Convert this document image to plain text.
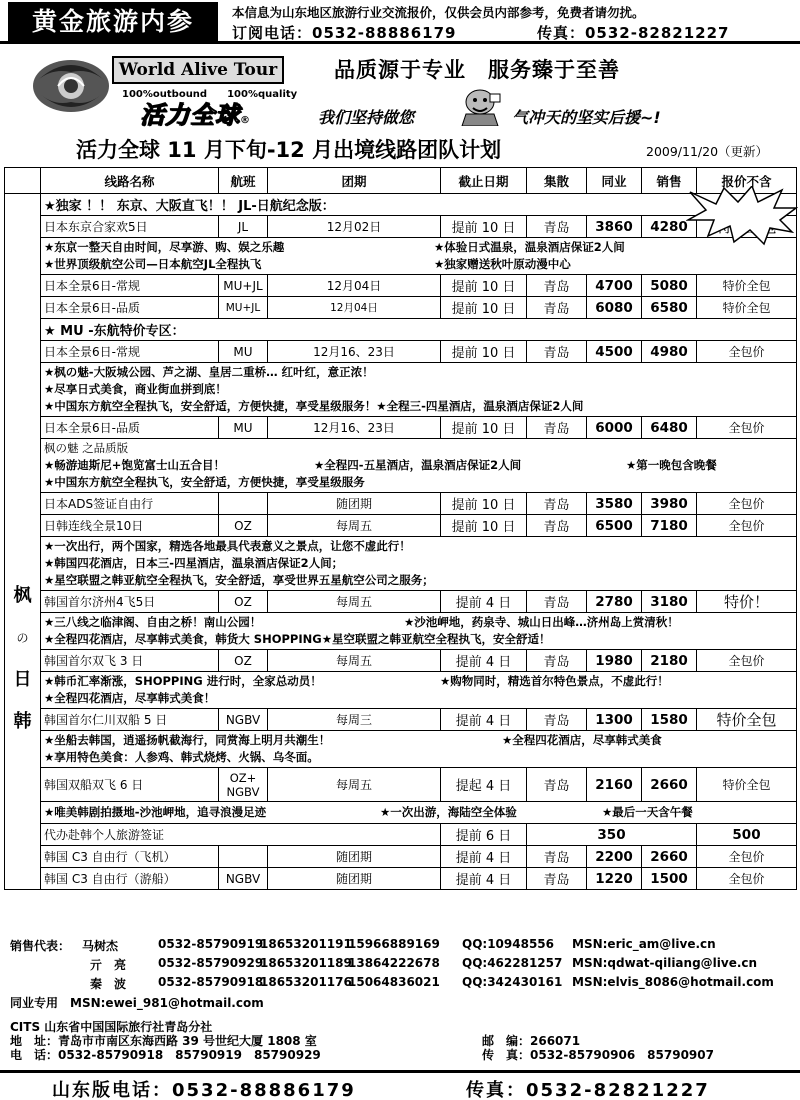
黄金旅游内参	本信息为山东地区旅游行业交流报价，仅供会员内部参考，免费者请勿扰。
订阅电话：0532-88886179	传真：0532-82821227
World Alive Tour
100%outbound　　 100%quality
活力全球®
品质源于专业　服务臻于至善
我们坚持做您	气冲天的坚实后援~!
活力全球 11 月下旬-12 月出境线路团队计划	2009/11/20（更新）
	线路名称	航班	团期	截止日期	集散	同业	销售	报价不含

枫
の
日
韩	★独家 ！！ 东京、大阪直飞！！ JL-日航纪念版：							
	日本东京合家欢5日	JL	12月02日	提前 10 日	青岛	3860	4280	
	★东京一整天自由时间，尽享游、购、娱之乐趣 ★体验日式温泉，温泉酒店保证2人间
★世界顶级航空公司—日本航空JL全程执飞 ★独家赠送秋叶原动漫中心							
	日本全景6日-常规	MU+JL	12月04日	提前 10 日	青岛	4700	5080	特价全包
	日本全景6日-品质	MU+JL	12月04日	提前 10 日	青岛	6080	6580	特价全包
	★ MU -东航特价专区：							
	日本全景6日-常规	MU	12月16、23日	提前 10 日	青岛	4500	4980	全包价
	★枫の魅-大阪城公园、芦之湖、皇居二重桥… 红叶红，意正浓！
★尽享日式美食，商业街血拼到底！
★中国东方航空全程执飞，安全舒适，方便快捷，享受星级服务！★全程三-四星酒店，温泉酒店保证2人间							
	日本全景6日-品质	MU	12月16、23日	提前 10 日	青岛	6000	6480	全包价
	枫の魅 之品质版
★畅游迪斯尼+饱览富士山五合目！ ★全程四-五星酒店，温泉酒店保证2人间 ★第一晚包含晚餐
★中国东方航空全程执飞，安全舒适，方便快捷，享受星级服务							
	日本ADS签证自由行		随团期	提前 10 日	青岛	3580	3980	全包价
	日韩连线全景10日	OZ	每周五	提前 10 日	青岛	6500	7180	全包价
	★一次出行，两个国家，精选各地最具代表意义之景点，让您不虚此行！
★韩国四花酒店，日本三-四星酒店，温泉酒店保证2人间；
★星空联盟之韩亚航空全程执飞，安全舒适，享受世界五星航空公司之服务；							
	韩国首尔济州4飞5日	OZ	每周五	提前 4 日	青岛	2780	3180	特价！
	★三八线之临津阁、自由之桥！南山公园！ ★沙池岬地，药泉寺、城山日出峰…济州岛上赏清秋！
★全程四花酒店，尽享韩式美食，韩货大 SHOPPING★星空联盟之韩亚航空全程执飞，安全舒适！							
	韩国首尔双飞 3 日	OZ	每周五	提前 4 日	青岛	1980	2180	全包价
	★韩币汇率渐涨，SHOPPING 进行时，全家总动员！ ★购物同时，精选首尔特色景点，不虚此行！
★全程四花酒店，尽享韩式美食！							
	韩国首尔仁川双船 5 日	NGBV	每周三	提前 4 日	青岛	1300	1580	特价全包
	★坐船去韩国，逍遥扬帆截海行，同赏海上明月共潮生！ ★全程四花酒店，尽享韩式美食
★享用特色美食：人参鸡、韩式烧烤、火锅、乌冬面。							
	韩国双船双飞 6 日	OZ+
NGBV	每周五	提起 4 日	青岛	2160	2660	特价全包
	★唯美韩剧拍摄地-沙池岬地，追寻浪漫足迹 ★一次出游，海陆空全体验 ★最后一天含午餐							
	代办赴韩个人旅游签证			提前 6 日	350			500
	韩国 C3 自由行（飞机）		随团期	提前 4 日	青岛	2200	2660	全包价
	韩国 C3 自由行（游船）	NGBV	随团期	提前 4 日	青岛	1220	1500	全包价
销售代表： 马树杰	0532-85790919
18653201191
15966889169 QQ:10948556 MSN:eric_am@live.cn
亓　亮	0532-85790929
18653201189
13864222678 QQ:462281257 MSN:qdwat-qiliang@live.cn
秦　波	0532-85790918
18653201176
15064836021 QQ:342430161 MSN:elvis_8086@hotmail.com
同业专用　MSN:ewei_981@hotmail.com
CITS 山东省中国国际旅行社青岛分社
地　址：青岛市市南区东海西路 39 号世纪大厦 1808 室	邮　编：266071
电　话：0532-85790918　85790919　85790929	传　真：0532-85790906　85790907
山东版电话：0532-88886179	传真：0532-82821227
